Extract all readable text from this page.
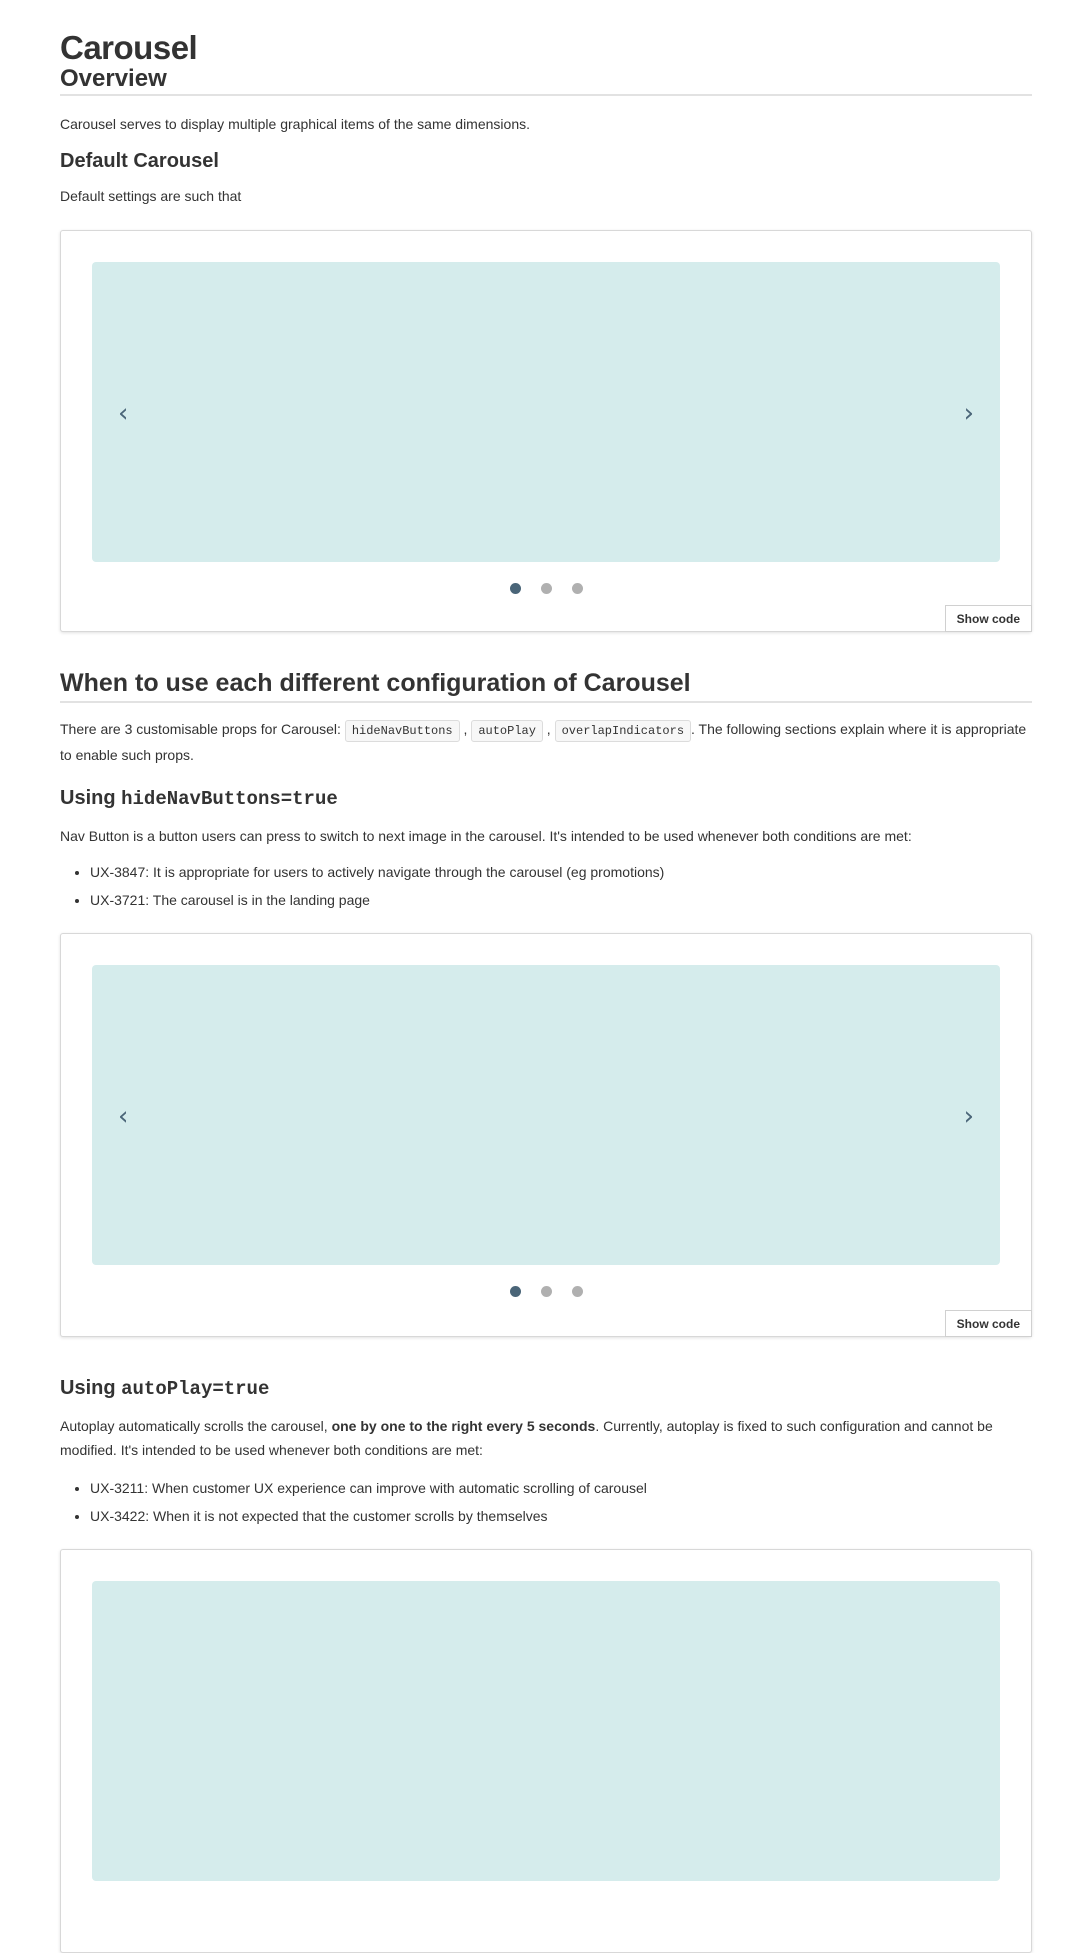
Carousel
Overview

Carousel serves to display multiple graphical items of the same dimensions.

Default Carousel

Default settings are such that

‹	›
Show code
When to use each different configuration of Carousel

There are 3 customisable props for Carousel: hideNavButtons , autoPlay , overlapIndicators . The following sections explain where it is appropriate to enable such props.

Using hideNavButtons=true

Nav Button is a button users can press to switch to next image in the carousel. It's intended to be used whenever both conditions are met:

• UX-3847: It is appropriate for users to actively navigate through the carousel (eg promotions)
• UX-3721: The carousel is in the landing page
‹	›
Show code
Using autoPlay=true

Autoplay automatically scrolls the carousel, one by one to the right every 5 seconds. Currently, autoplay is fixed to such configuration and cannot be modified. It's intended to be used whenever both conditions are met:

• UX-3211: When customer UX experience can improve with automatic scrolling of carousel
• UX-3422: When it is not expected that the customer scrolls by themselves
